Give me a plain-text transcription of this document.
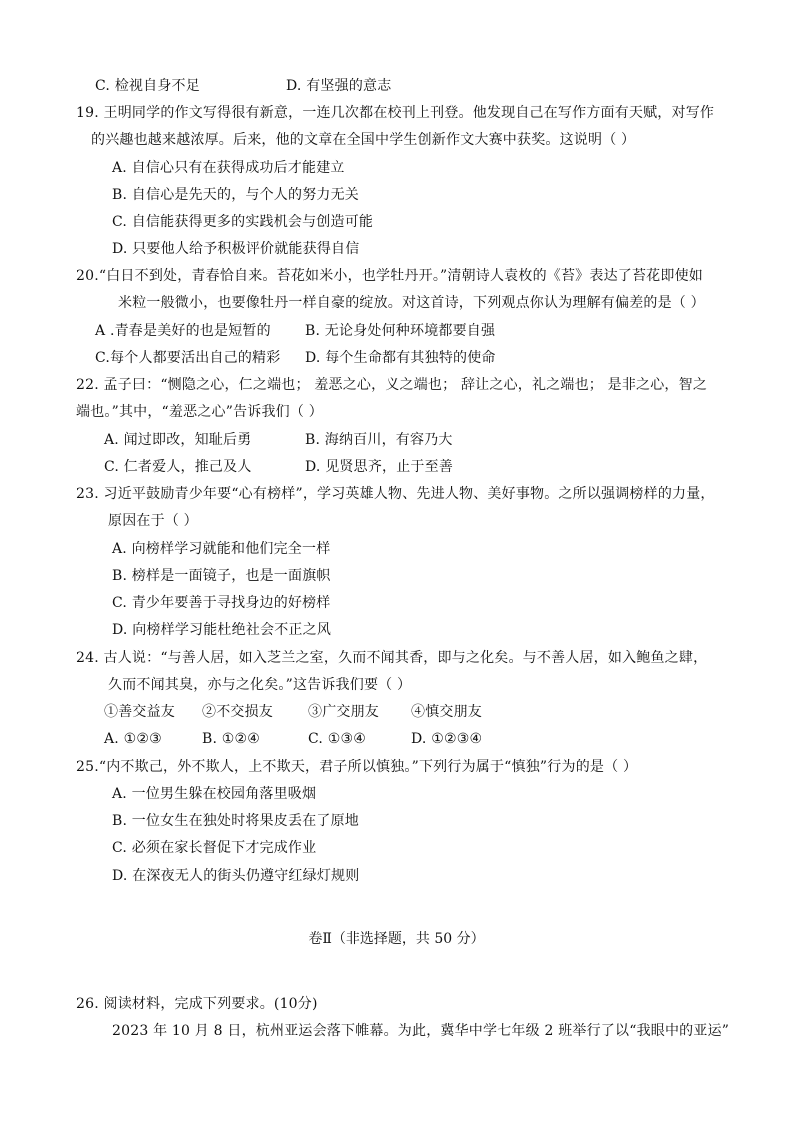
C. 检视自身不足	D. 有坚强的意志
19. 王明同学的作文写得很有新意，一连几次都在校刊上刊登。他发现自己在写作方面有天赋，对写作
的兴趣也越来越浓厚。后来，他的文章在全国中学生创新作文大赛中获奖。这说明（ ）
A. 自信心只有在获得成功后才能建立
B. 自信心是先天的，与个人的努力无关
C. 自信能获得更多的实践机会与创造可能
D. 只要他人给予积极评价就能获得自信
20.“白日不到处，青春恰自来。苔花如米小，也学牡丹开。”清朝诗人袁枚的《苔》表达了苔花即使如
米粒一般微小，也要像牡丹一样自豪的绽放。对这首诗，下列观点你认为理解有偏差的是（ ）
A .青春是美好的也是短暂的 B. 无论身处何种环境都要自强
C.每个人都要活出自己的精彩 D. 每个生命都有其独特的使命
22. 孟子曰：“恻隐之心，仁之端也； 羞恶之心，义之端也； 辞让之心，礼之端也； 是非之心，智之
端也。”其中，“羞恶之心”告诉我们（ ）
A. 闻过即改，知耻后勇	B. 海纳百川，有容乃大
C. 仁者爱人，推己及人	D. 见贤思齐，止于至善
23. 习近平鼓励青少年要“心有榜样”，学习英雄人物、先进人物、美好事物。之所以强调榜样的力量，
原因在于（ ）
A. 向榜样学习就能和他们完全一样
B. 榜样是一面镜子，也是一面旗帜
C. 青少年要善于寻找身边的好榜样
D. 向榜样学习能杜绝社会不正之风
24. 古人说：“与善人居，如入芝兰之室，久而不闻其香，即与之化矣。与不善人居，如入鲍鱼之肆，
久而不闻其臭，亦与之化矣。”这告诉我们要（ ）
①善交益友 ②不交损友	③广交朋友 ④慎交朋友
A. ①②③	B. ①②④	C. ①③④	D. ①②③④
25.“内不欺己，外不欺人，上不欺天，君子所以慎独。”下列行为属于“慎独”行为的是（ ）
A. 一位男生躲在校园角落里吸烟
B. 一位女生在独处时将果皮丢在了原地
C. 必须在家长督促下才完成作业
D. 在深夜无人的街头仍遵守红绿灯规则
卷Ⅱ（非选择题，共 50 分）
26. 阅读材料，完成下列要求。(10分)
2023 年 10 月 8 日，杭州亚运会落下帷幕。为此，冀华中学七年级 2 班举行了以“我眼中的亚运”
